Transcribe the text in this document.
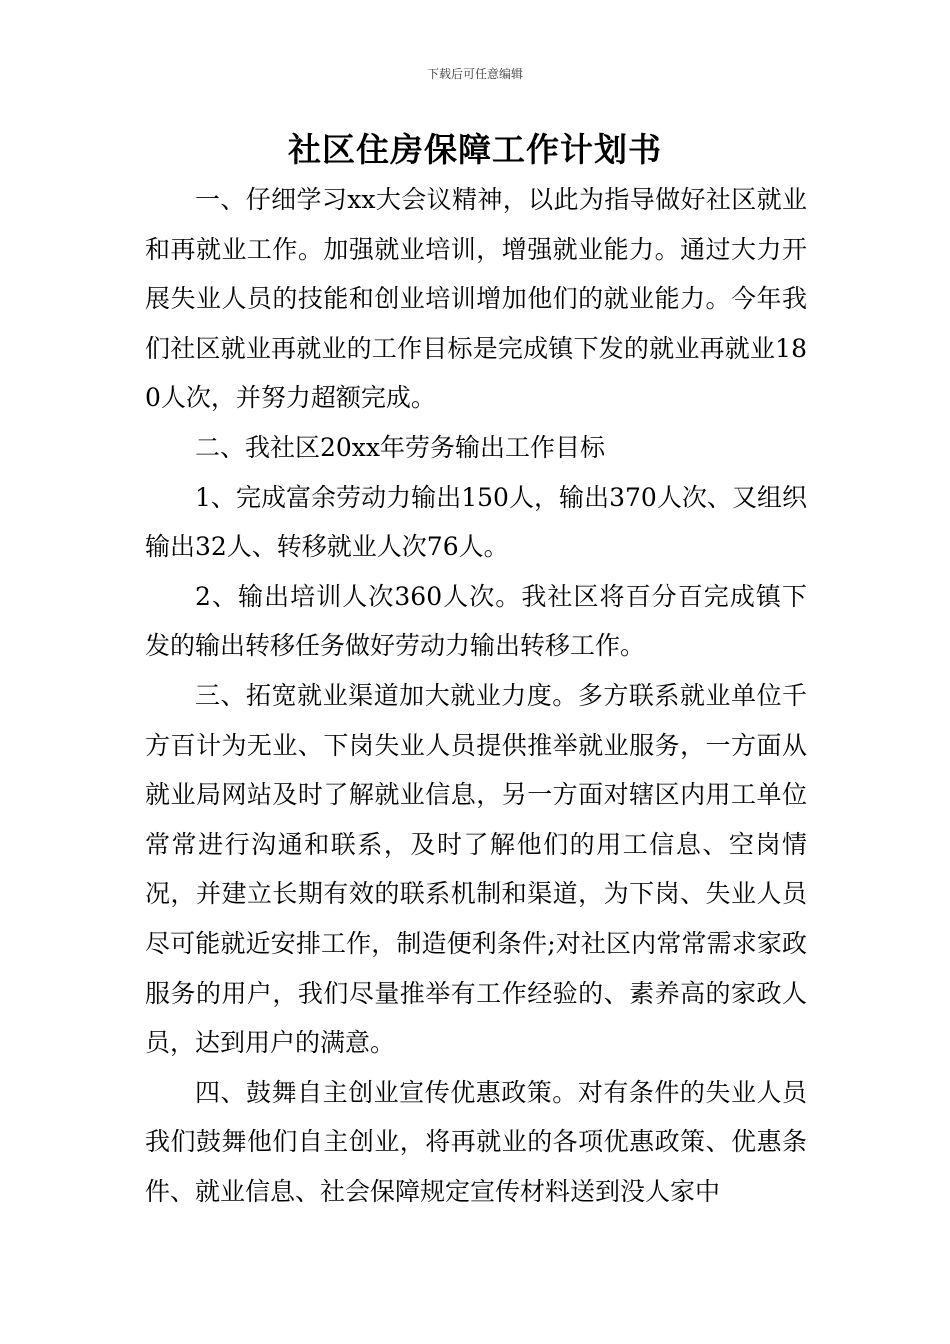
下载后可任意编辑
社区住房保障工作计划书

一、仔细学习xx大会议精神，以此为指导做好社区就业和再就业工作。加强就业培训，增强就业能力。通过大力开展失业人员的技能和创业培训增加他们的就业能力。今年我们社区就业再就业的工作目标是完成镇下发的就业再就业180人次，并努力超额完成。

二、我社区20xx年劳务输出工作目标

1、完成富余劳动力输出150人，输出370人次、又组织输出32人、转移就业人次76人。

2、输出培训人次360人次。我社区将百分百完成镇下发的输出转移任务做好劳动力输出转移工作。

三、拓宽就业渠道加大就业力度。多方联系就业单位千方百计为无业、下岗失业人员提供推举就业服务，一方面从就业局网站及时了解就业信息，另一方面对辖区内用工单位常常进行沟通和联系，及时了解他们的用工信息、空岗情况，并建立长期有效的联系机制和渠道，为下岗、失业人员尽可能就近安排工作，制造便利条件;对社区内常常需求家政服务的用户，我们尽量推举有工作经验的、素养高的家政人员，达到用户的满意。

四、鼓舞自主创业宣传优惠政策。对有条件的失业人员我们鼓舞他们自主创业，将再就业的各项优惠政策、优惠条件、就业信息、社会保障规定宣传材料送到没人家中
